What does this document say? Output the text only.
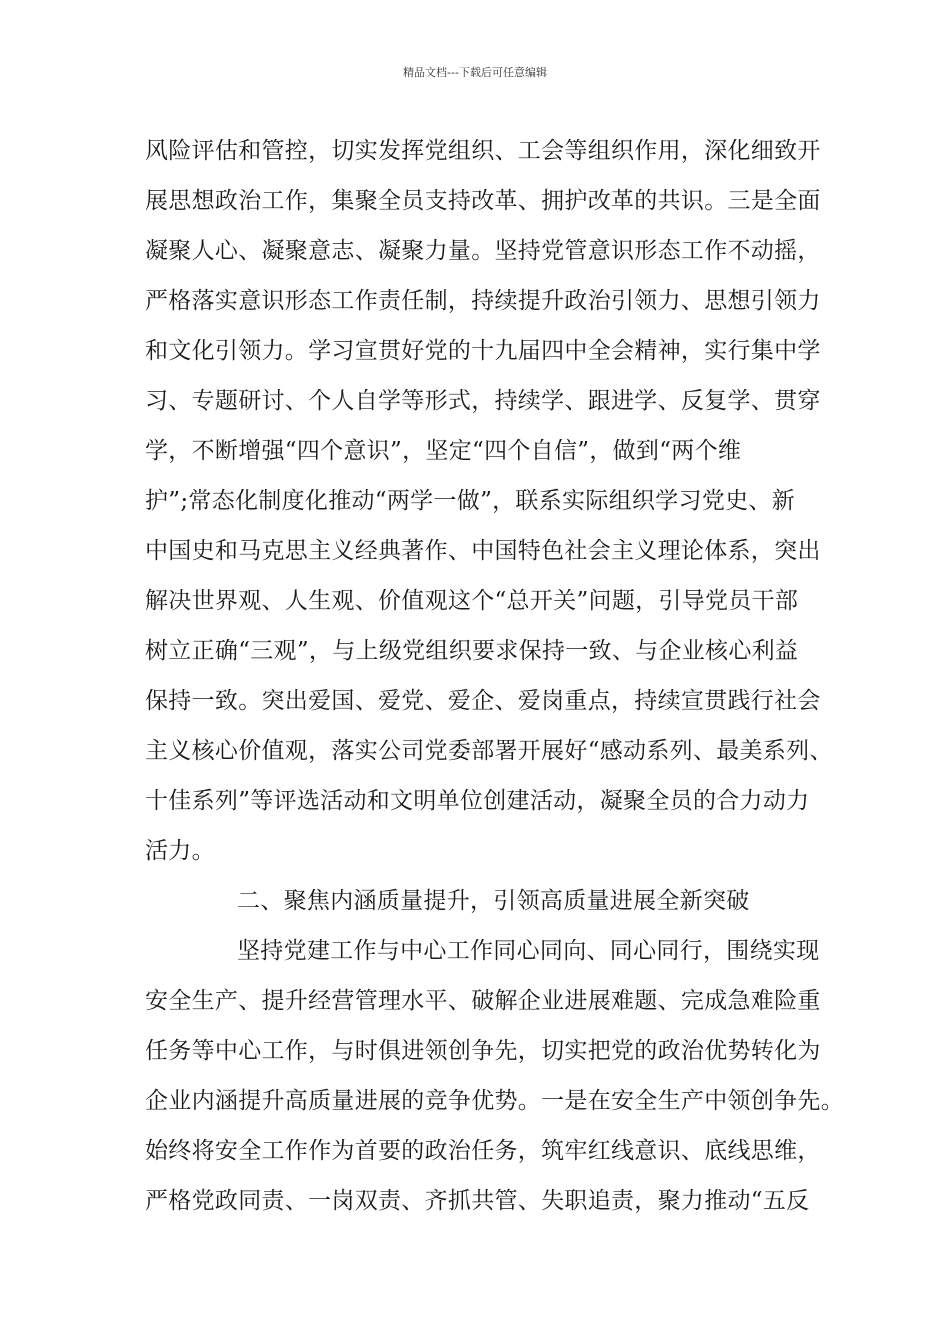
精品文档---下载后可任意编辑
风险评估和管控，切实发挥党组织、工会等组织作用，深化细致开
展思想政治工作，集聚全员支持改革、拥护改革的共识。三是全面
凝聚人心、凝聚意志、凝聚力量。坚持党管意识形态工作不动摇，
严格落实意识形态工作责任制，持续提升政治引领力、思想引领力
和文化引领力。学习宣贯好党的十九届四中全会精神，实行集中学
习、专题研讨、个人自学等形式，持续学、跟进学、反复学、贯穿
学，不断增强“四个意识”，坚定“四个自信”，做到“两个维
护”;常态化制度化推动“两学一做”，联系实际组织学习党史、新
中国史和马克思主义经典著作、中国特色社会主义理论体系，突出
解决世界观、人生观、价值观这个“总开关”问题，引导党员干部
树立正确“三观”，与上级党组织要求保持一致、与企业核心利益
保持一致。突出爱国、爱党、爱企、爱岗重点，持续宣贯践行社会
主义核心价值观，落实公司党委部署开展好“感动系列、最美系列、
十佳系列”等评选活动和文明单位创建活动，凝聚全员的合力动力
活力。
二、聚焦内涵质量提升，引领高质量进展全新突破
坚持党建工作与中心工作同心同向、同心同行，围绕实现
安全生产、提升经营管理水平、破解企业进展难题、完成急难险重
任务等中心工作，与时俱进领创争先，切实把党的政治优势转化为
企业内涵提升高质量进展的竞争优势。一是在安全生产中领创争先。
始终将安全工作作为首要的政治任务，筑牢红线意识、底线思维，
严格党政同责、一岗双责、齐抓共管、失职追责，聚力推动“五反
